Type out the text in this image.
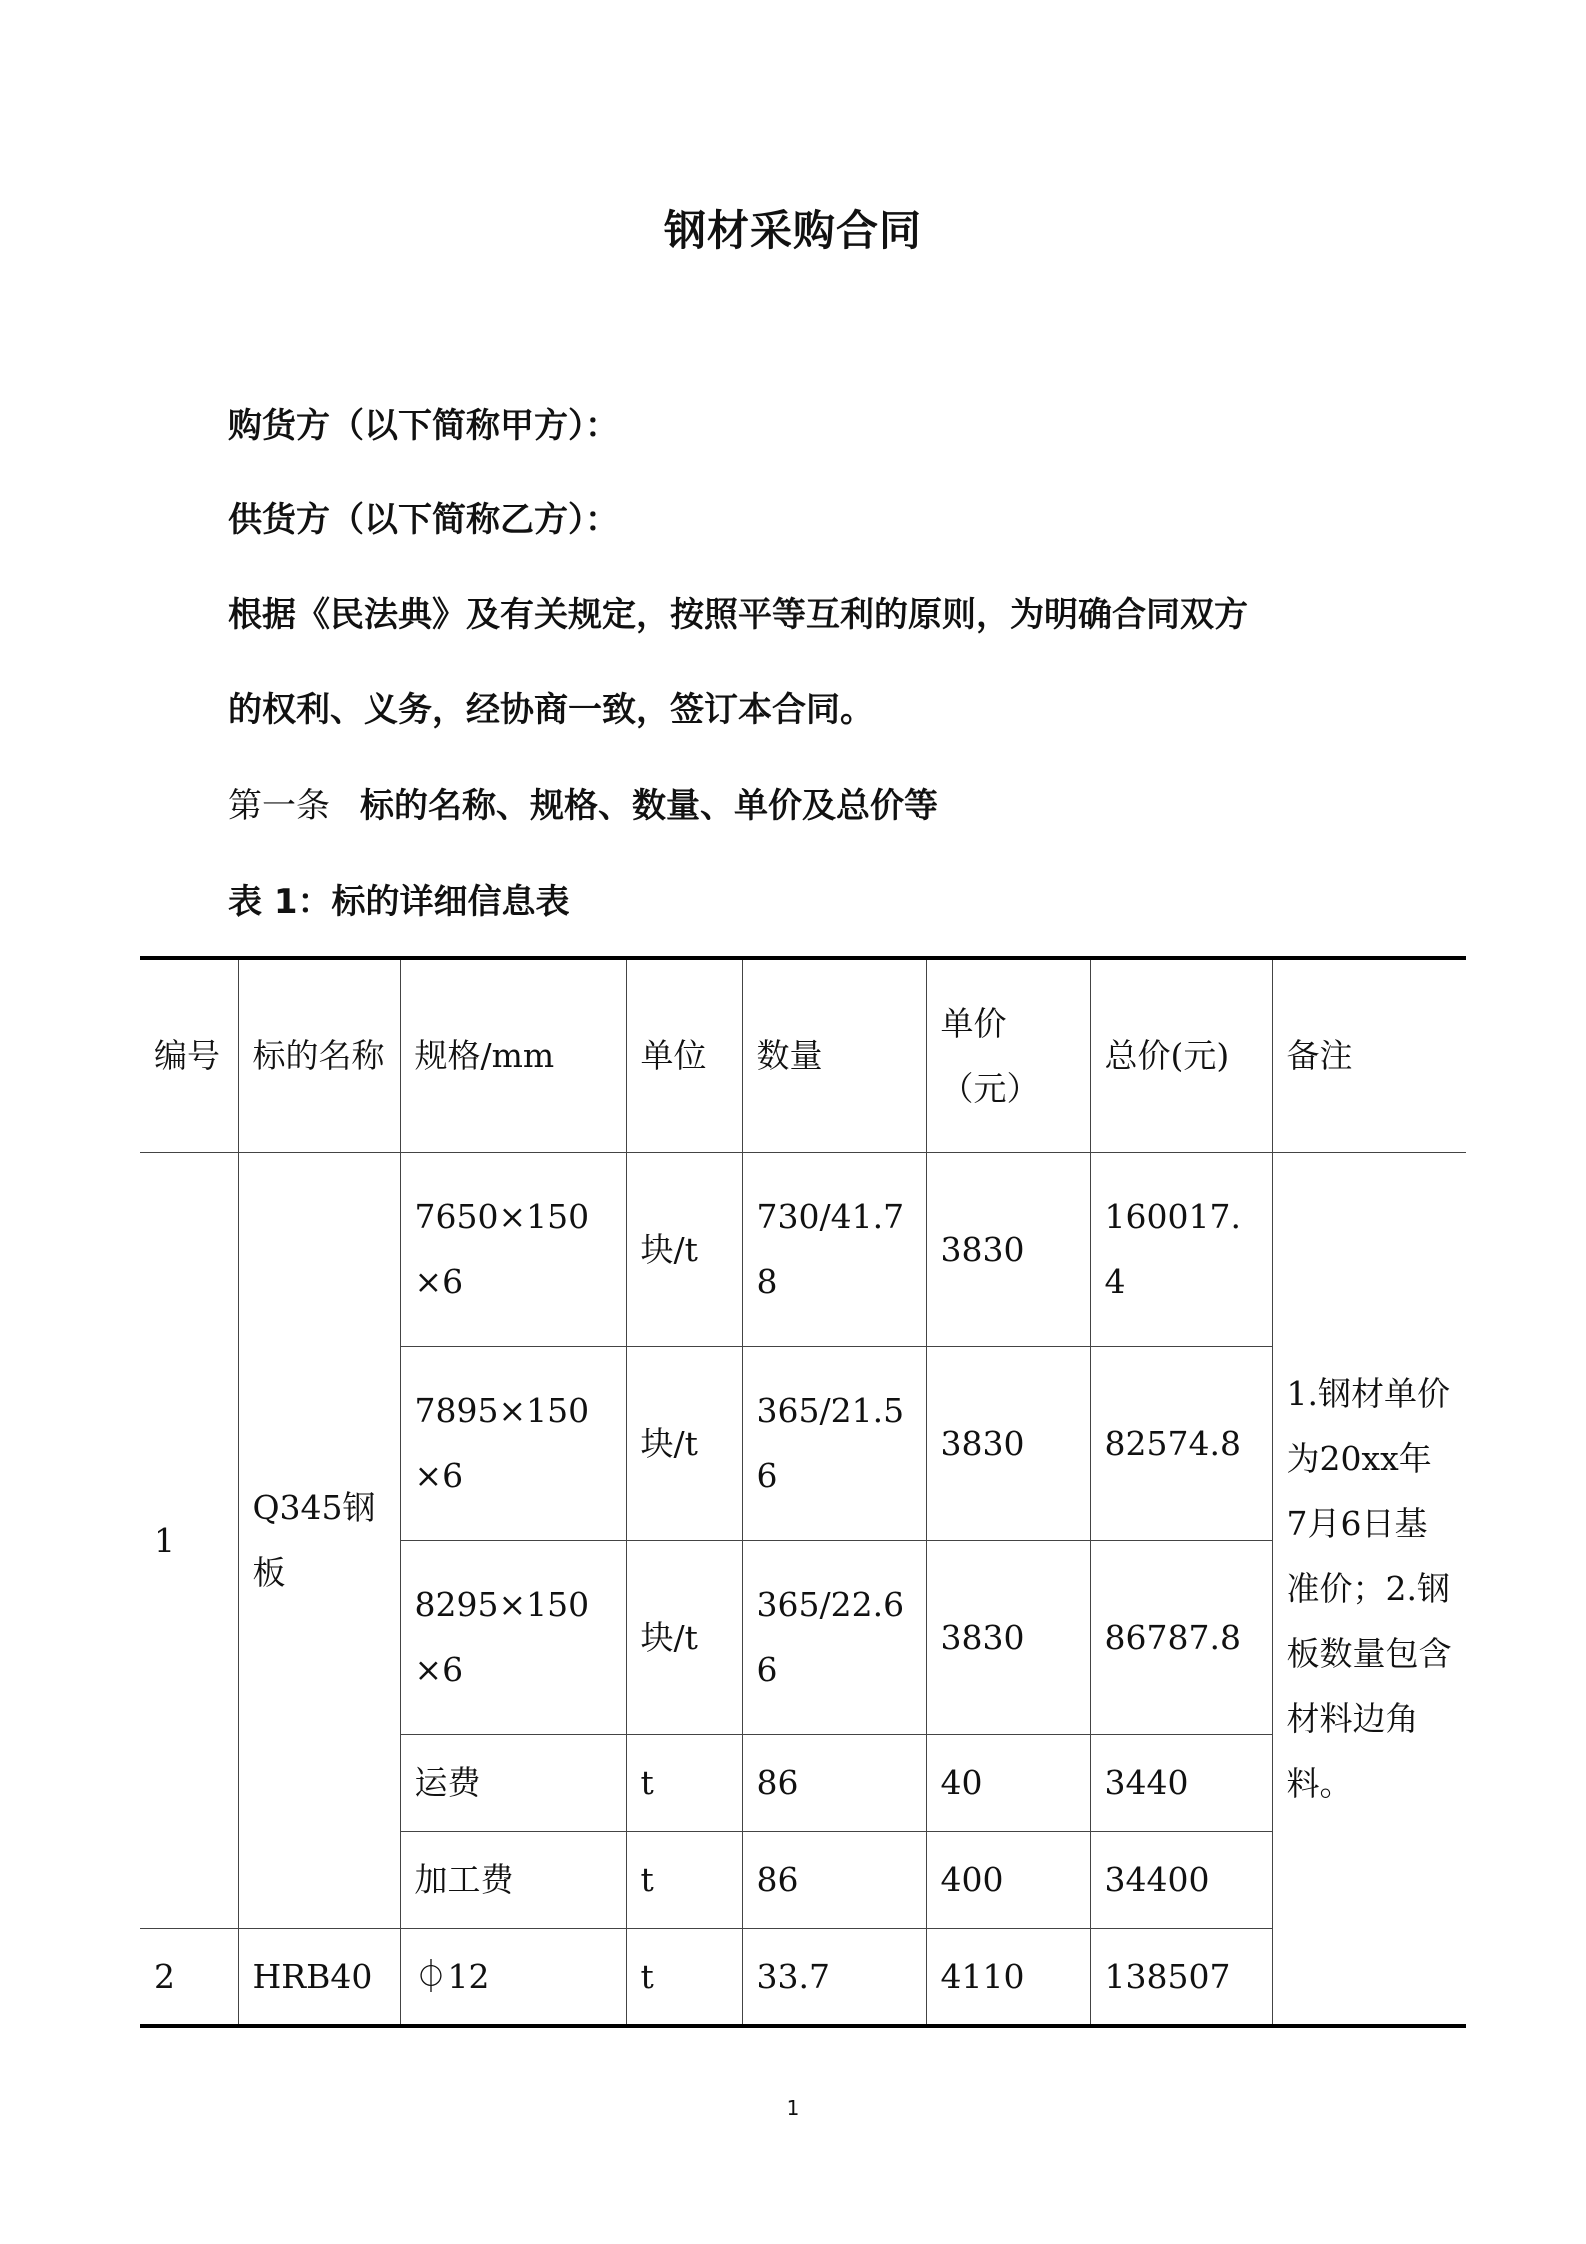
钢材采购合同
购货方（以下简称甲方）：
供货方（以下简称乙方）：
根据《民法典》及有关规定，按照平等互利的原则，为明确合同双方
的权利、义务，经协商一致，签订本合同。
第一条 标的名称、规格、数量、单价及总价等
表 1：标的详细信息表
编号	标的名称	规格/mm	单位	数量	单价（元）	总价(元)	备注
1	Q345钢板	7650×150×6	块/t	730/41.78	3830	160017.4	1.钢材单价为20xx年7月6日基准价；2.钢板数量包含材料边角料。
		7895×150×6	块/t	365/21.56	3830	82574.8	
		8295×150×6	块/t	365/22.66	3830	86787.8	
		运费	t	86	40	3440	
		加工费	t	86	400	34400	
2	HRB40	⏀12	t	33.7	4110	138507	
1
